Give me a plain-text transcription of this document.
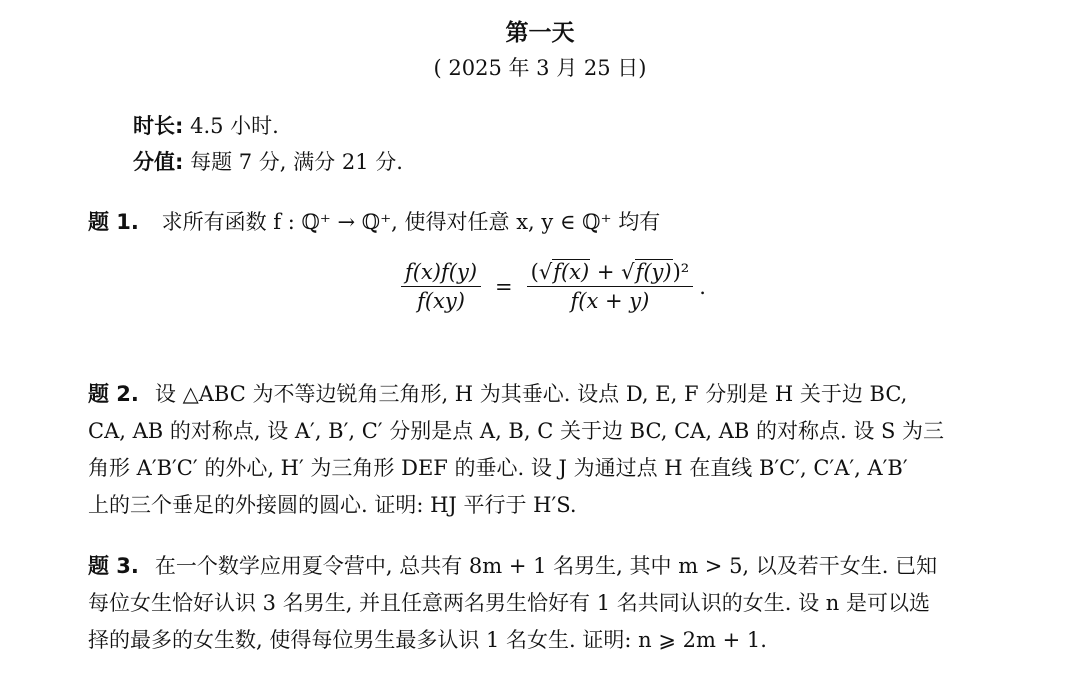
第一天
( 2025 年 3 月 25 日)
时长: 4.5 小时.
分值: 每题 7 分, 满分 21 分.
题 1. 求所有函数 f : ℚ⁺ → ℚ⁺, 使得对任意 x, y ∈ ℚ⁺ 均有
$\frac{f(x)f(y)}{f(xy)} = \frac{\text{(√f(x) + √f(y))²}}{f(x + y)}$ .
题 2. 设 △ABC 为不等边锐角三角形, H 为其垂心. 设点 D, E, F 分别是 H 关于边 BC,
CA, AB 的对称点, 设 A′, B′, C′ 分别是点 A, B, C 关于边 BC, CA, AB 的对称点. 设 S 为三
角形 A′B′C′ 的外心, H′ 为三角形 DEF 的垂心. 设 J 为通过点 H 在直线 B′C′, C′A′, A′B′
上的三个垂足的外接圆的圆心. 证明: HJ 平行于 H′S.
题 3. 在一个数学应用夏令营中, 总共有 8m + 1 名男生, 其中 m > 5, 以及若干女生. 已知
每位女生恰好认识 3 名男生, 并且任意两名男生恰好有 1 名共同认识的女生. 设 n 是可以选
择的最多的女生数, 使得每位男生最多认识 1 名女生. 证明: n ⩾ 2m + 1.
